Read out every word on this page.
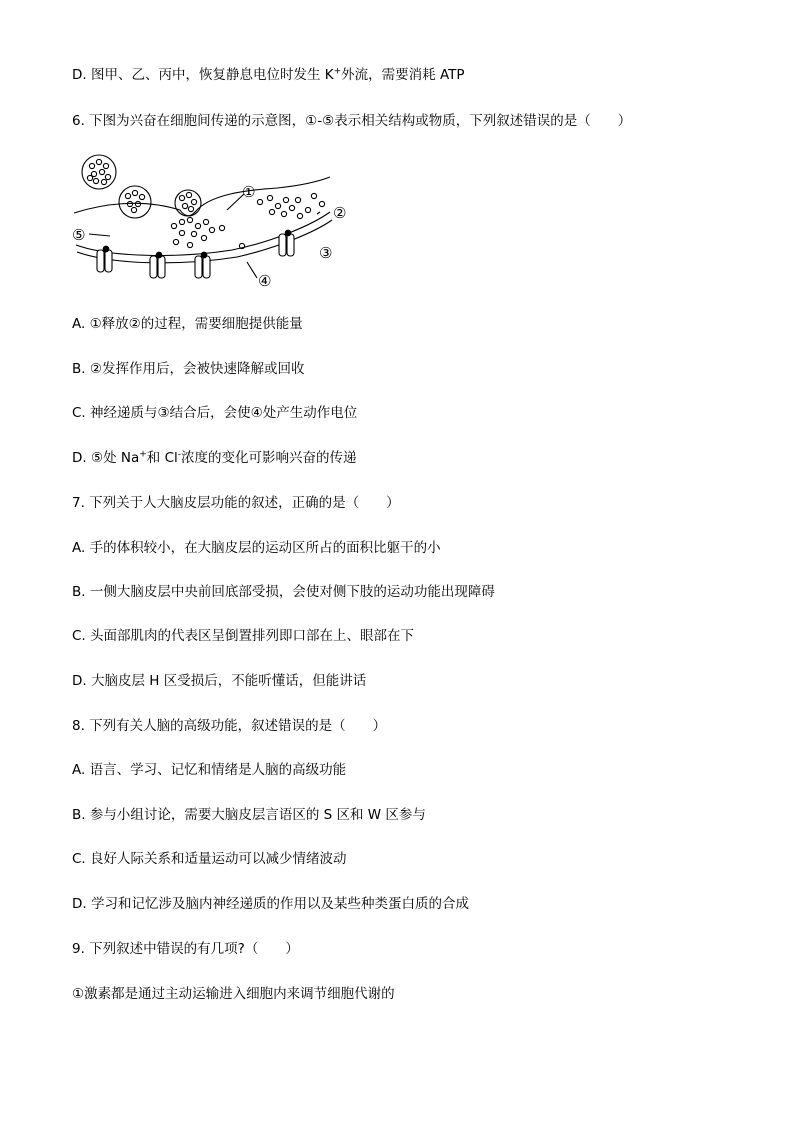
D. 图甲、乙、丙中，恢复静息电位时发生 K+外流，需要消耗 ATP
6. 下图为兴奋在细胞间传递的示意图，①-⑤表示相关结构或物质，下列叙述错误的是（　　）
A. ①释放②的过程，需要细胞提供能量
B. ②发挥作用后，会被快速降解或回收
C. 神经递质与③结合后，会使④处产生动作电位
D. ⑤处 Na+和 Cl-浓度的变化可影响兴奋的传递
7. 下列关于人大脑皮层功能的叙述，正确的是（　　）
A. 手的体积较小，在大脑皮层的运动区所占的面积比躯干的小
B. 一侧大脑皮层中央前回底部受损，会使对侧下肢的运动功能出现障碍
C. 头面部肌肉的代表区呈倒置排列即口部在上、眼部在下
D. 大脑皮层 H 区受损后，不能听懂话，但能讲话
8. 下列有关人脑的高级功能，叙述错误的是（　　）
A. 语言、学习、记忆和情绪是人脑的高级功能
B. 参与小组讨论，需要大脑皮层言语区的 S 区和 W 区参与
C. 良好人际关系和适量运动可以减少情绪波动
D. 学习和记忆涉及脑内神经递质的作用以及某些种类蛋白质的合成
9. 下列叙述中错误的有几项?（　　）
①激素都是通过主动运输进入细胞内来调节细胞代谢的
①
②
③
④
⑤
